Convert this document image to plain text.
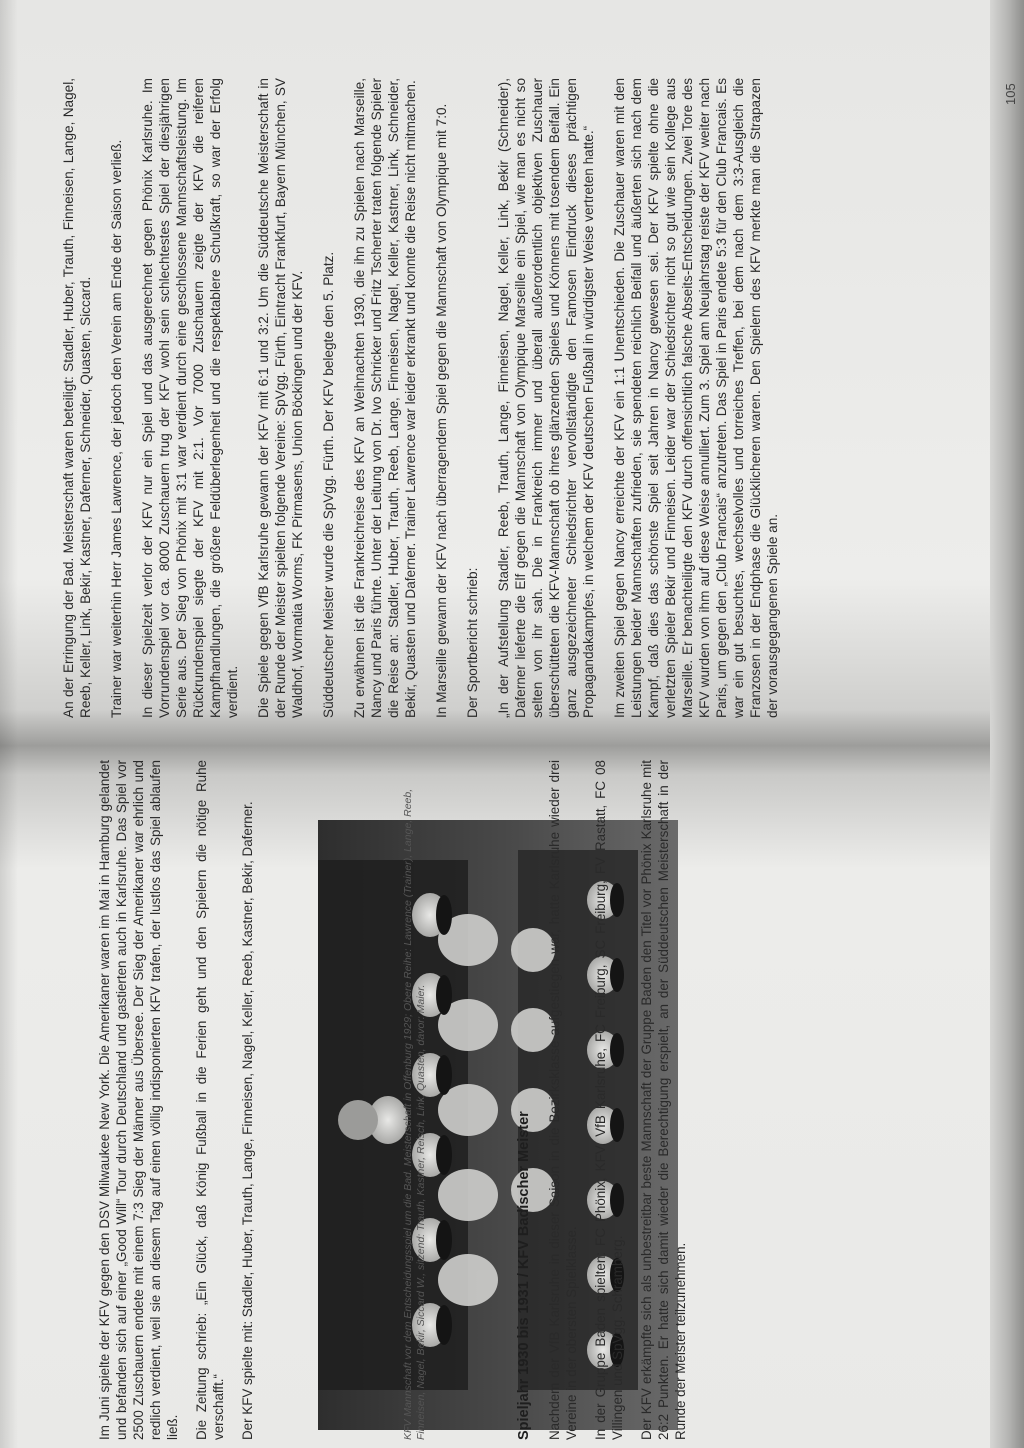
An der Erringung der Bad. Meisterschaft waren beteiligt: Stadler, Huber, Trauth, Finneisen, Lange, Nagel, Reeb, Keller, Link, Bekir, Kastner, Daferner, Schneider, Quasten, Siccard. Trainer war weiterhin Herr James Lawrence, der jedoch den Verein am Ende der Saison verließ. In dieser Spielzeit verlor der KFV nur ein Spiel und das ausgerechnet gegen Phönix Karlsruhe. Im Vorrundenspiel vor ca. 8000 Zuschauern trug der KFV wohl sein schlechtestes Spiel der diesjährigen Serie aus. Der Sieg von Phönix mit 3:1 war verdient durch eine geschlossene Mannschaftsleistung. Im Rückrundenspiel siegte der KFV mit 2:1. Vor 7000 Zuschauern zeigte der KFV die reiferen Kampfhandlungen, die größere Feldüberlegenheit und die respektablere Schußkraft, so war der Erfolg verdient. Die Spiele gegen VfB Karlsruhe gewann der KFV mit 6:1 und 3:2. Um die Süddeutsche Meisterschaft in der Runde der Meister spielten folgende Vereine: SpVgg. Fürth, Eintracht Frankfurt, Bayern München, SV Waldhof, Wormatia Worms, FK Pirmasens, Union Böckingen und der KFV. Süddeutscher Meister wurde die SpVgg. Fürth. Der KFV belegte den 5. Platz. Zu erwähnen ist die Frankreichreise des KFV an Weihnachten 1930, die ihn zu Spielen nach Marseille, Nancy und Paris führte. Unter der Leitung von Dr. Ivo Schricker und Fritz Tscherter traten folgende Spieler die Reise an: Stadler, Huber, Trauth, Reeb, Lange, Finneisen, Nagel, Keller, Kastner, Link, Schneider, Bekir, Quasten und Daferner. Trainer Lawrence war leider erkrankt und konnte die Reise nicht mitmachen. In Marseille gewann der KFV nach überragendem Spiel gegen die Mannschaft von Olympique mit 7:0. Der Sportbericht schrieb: „In der Aufstellung Stadler, Reeb, Trauth, Lange, Finneisen, Nagel, Keller, Link, Bekir (Schneider), Daferner lieferte die Elf gegen die Mannschaft von Olympique Marseille ein Spiel, wie man es nicht so selten von ihr sah. Die in Frankreich immer und überall außerordentlich objektiven Zuschauer überschütteten die KFV-Mannschaft ob ihres glänzenden Spieles und Könnens mit tosendem Beifall. Ein ganz ausgezeichneter Schiedsrichter vervollständigte den Famosen Eindruck dieses prächtigen Propagandakampfes, in welchem der KFV deutschen Fußball in würdigster Weise vertreten hatte.“ Im zweiten Spiel gegen Nancy erreichte der KFV ein 1:1 Unentschieden. Die Zuschauer waren mit den Leistungen beider Mannschaften zufrieden, sie spendeten reichlich Beifall und äußerten sich nach dem Kampf, daß dies das schönste Spiel seit Jahren in Nancy gewesen sei. Der KFV spielte ohne die verletzten Spieler Bekir und Finneisen. Leider war der Schiedsrichter nicht so gut wie sein Kollege aus Marseille. Er benachteiligte den KFV durch offensichtlich falsche Abseits-Entscheidungen. Zwei Tore des KFV wurden von ihm auf diese Weise annulliert. Zum 3. Spiel am Neujahrstag reiste der KFV weiter nach Paris, um gegen den „Club Francais“ anzutreten. Das Spiel in Paris endete 5:3 für den Club Francais. Es war ein gut besuchtes, wechselvolles und torreiches Treffen, bei dem nach dem 3:3-Ausgleich die Franzosen in der Endphase die Glücklicheren waren. Den Spielern des KFV merkte man die Strapazen der vorausgegangenen Spiele an.

105

Im Juni spielte der KFV gegen den DSV Milwaukee New York. Die Amerikaner waren im Mai in Hamburg gelandet und befanden sich auf einer „Good Will“ Tour durch Deutschland und gastierten auch in Karlsruhe. Das Spiel vor 2500 Zuschauern endete mit einem 7:3 Sieg der Männer aus Übersee. Der Sieg der Amerikaner war ehrlich und redlich verdient, weil sie an diesem Tag auf einen völlig indisponierten KFV trafen, der lustlos das Spiel ablaufen ließ. Die Zeitung schrieb: „Ein Glück, daß König Fußball in die Ferien geht und den Spielern die nötige Ruhe verschafft.“ Der KFV spielte mit: Stadler, Huber, Trauth, Lange, Finneisen, Nagel, Keller, Reeb, Kastner, Bekir, Daferner.	KFV Mannschaft vor dem Entscheidungsspiel um die Bad. Meisterschaft in Offenburg 1929; Obere Reihe: Lawrence (Trainer), Lange, Reeb, Finneisen, Nagel, Bekir, Siccard W., sitzend: Trauth, Kastner, Reisch, Link, Quasten, davor: Maier.	Spieljahr 1930 bis 1931 / KFV Badischer Meister Nachdem der VfB Karlsruhe in dieser Saison in die Bezirksklasse aufgestiegen war, hatte Karlsruhe wieder drei Vereine in der obersten Spielklasse. In der Gruppe Baden spielten: FC Phönix, KFV, VfB Karlsruhe, FC Freiburg, SC Freiburg, FV Rastatt, FC 08 Villingen und SpVgg. Schramberg. Der KFV erkämpfte sich als unbestreitbar beste Mannschaft der Gruppe Baden den Titel vor Phönix Karlsruhe mit 26:2 Punkten. Er hatte sich damit wieder die Berechtigung erspielt, an der Süddeutschen Meisterschaft in der Runde der Meister teilzunehmen.
